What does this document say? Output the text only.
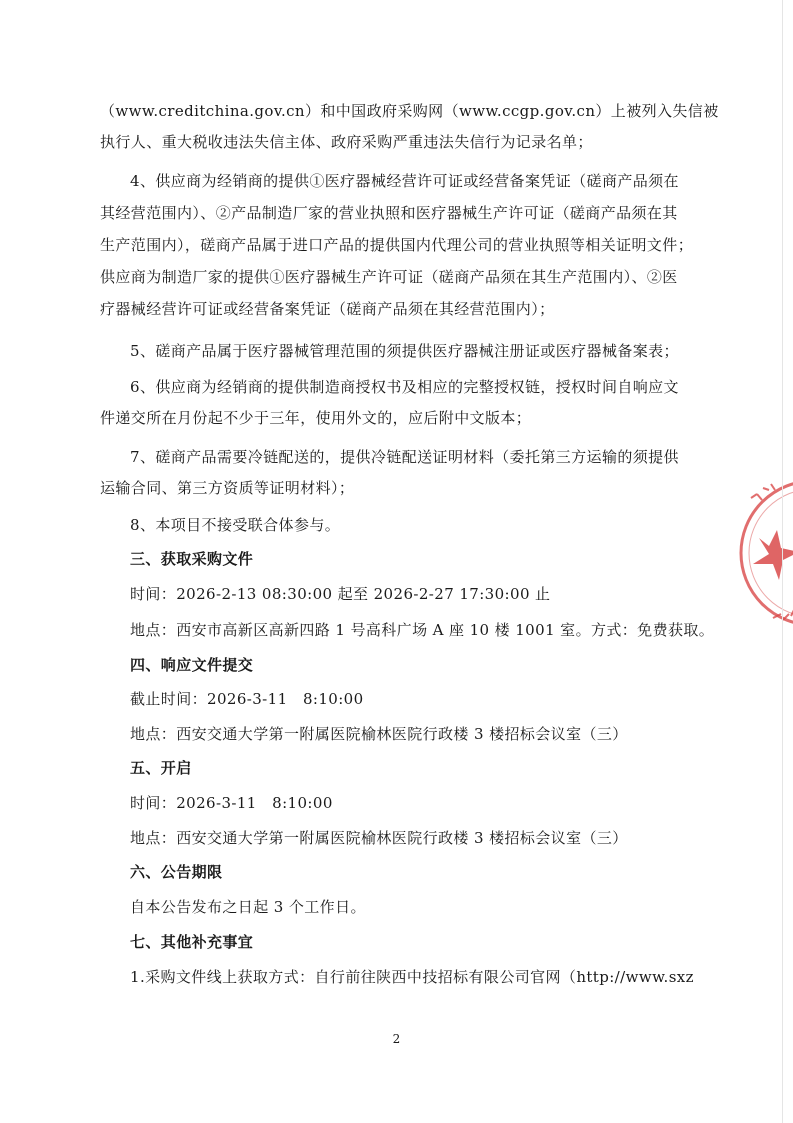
（www.creditchina.gov.cn）和中国政府采购网（www.ccgp.gov.cn）上被列入失信被
执行人、重大税收违法失信主体、政府采购严重违法失信行为记录名单；
4、供应商为经销商的提供①医疗器械经营许可证或经营备案凭证（磋商产品须在
其经营范围内）、②产品制造厂家的营业执照和医疗器械生产许可证（磋商产品须在其
生产范围内），磋商产品属于进口产品的提供国内代理公司的营业执照等相关证明文件；
供应商为制造厂家的提供①医疗器械生产许可证（磋商产品须在其生产范围内）、②医
疗器械经营许可证或经营备案凭证（磋商产品须在其经营范围内）；
5、磋商产品属于医疗器械管理范围的须提供医疗器械注册证或医疗器械备案表；
6、供应商为经销商的提供制造商授权书及相应的完整授权链，授权时间自响应文
件递交所在月份起不少于三年，使用外文的，应后附中文版本；
7、磋商产品需要冷链配送的，提供冷链配送证明材料（委托第三方运输的须提供
运输合同、第三方资质等证明材料）；
8、本项目不接受联合体参与。
三、获取采购文件
时间：2026-2-13 08:30:00 起至 2026-2-27 17:30:00 止
地点：西安市高新区高新四路 1 号高科广场 A 座 10 楼 1001 室。方式：免费获取。
四、响应文件提交
截止时间：2026-3-11　8:10:00
地点：西安交通大学第一附属医院榆林医院行政楼 3 楼招标会议室（三）
五、开启
时间：2026-3-11　8:10:00
地点：西安交通大学第一附属医院榆林医院行政楼 3 楼招标会议室（三）
六、公告期限
自本公告发布之日起 3 个工作日。
七、其他补充事宜
1.采购文件线上获取方式：自行前往陕西中技招标有限公司官网（http://www.sxz
2
